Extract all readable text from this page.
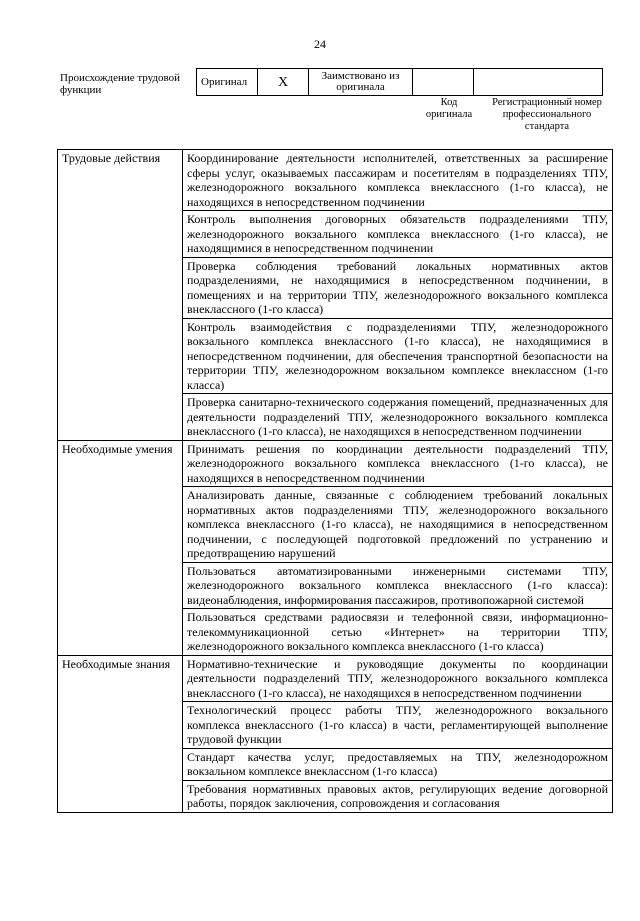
24
Происхождение трудовой функции
Оригинал	X	Заимствовано из оригинала		
Код оригинала
Регистрационный номер профессионального стандарта
Трудовые действия	Координирование деятельности исполнителей, ответственных за расширение сферы услуг, оказываемых пассажирам и посетителям в подразделениях ТПУ, железнодорожного вокзального комплекса внеклассного (1-го класса), не находящихся в непосредственном подчинении
	Контроль выполнения договорных обязательств подразделениями ТПУ, железнодорожного вокзального комплекса внеклассного (1-го класса), не находящимися в непосредственном подчинении
	Проверка соблюдения требований локальных нормативных актов подразделениями, не находящимися в непосредственном подчинении, в помещениях и на территории ТПУ, железнодорожного вокзального комплекса внеклассного (1-го класса)
	Контроль взаимодействия с подразделениями ТПУ, железнодорожного вокзального комплекса внеклассного (1-го класса), не находящимися в непосредственном подчинении, для обеспечения транспортной безопасности на территории ТПУ, железнодорожном вокзальном комплексе внеклассном (1-го класса)
	Проверка санитарно-технического содержания помещений, предназначенных для деятельности подразделений ТПУ, железнодорожного вокзального комплекса внеклассного (1-го класса), не находящихся в непосредственном подчинении
Необходимые умения	Принимать решения по координации деятельности подразделений ТПУ, железнодорожного вокзального комплекса внеклассного (1-го класса), не находящихся в непосредственном подчинении
	Анализировать данные, связанные с соблюдением требований локальных нормативных актов подразделениями ТПУ, железнодорожного вокзального комплекса внеклассного (1-го класса), не находящимися в непосредственном подчинении, с последующей подготовкой предложений по устранению и предотвращению нарушений
	Пользоваться автоматизированными инженерными системами ТПУ, железнодорожного вокзального комплекса внеклассного (1-го класса): видеонаблюдения, информирования пассажиров, противопожарной системой
	Пользоваться средствами радиосвязи и телефонной связи, информационно-телекоммуникационной сетью «Интернет» на территории ТПУ, железнодорожного вокзального комплекса внеклассного (1-го класса)
Необходимые знания	Нормативно-технические и руководящие документы по координации деятельности подразделений ТПУ, железнодорожного вокзального комплекса внеклассного (1-го класса), не находящихся в непосредственном подчинении
	Технологический процесс работы ТПУ, железнодорожного вокзального комплекса внеклассного (1-го класса) в части, регламентирующей выполнение трудовой функции
	Стандарт качества услуг, предоставляемых на ТПУ, железнодорожном вокзальном комплексе внеклассном (1-го класса)
	Требования нормативных правовых актов, регулирующих ведение договорной работы, порядок заключения, сопровождения и согласования
